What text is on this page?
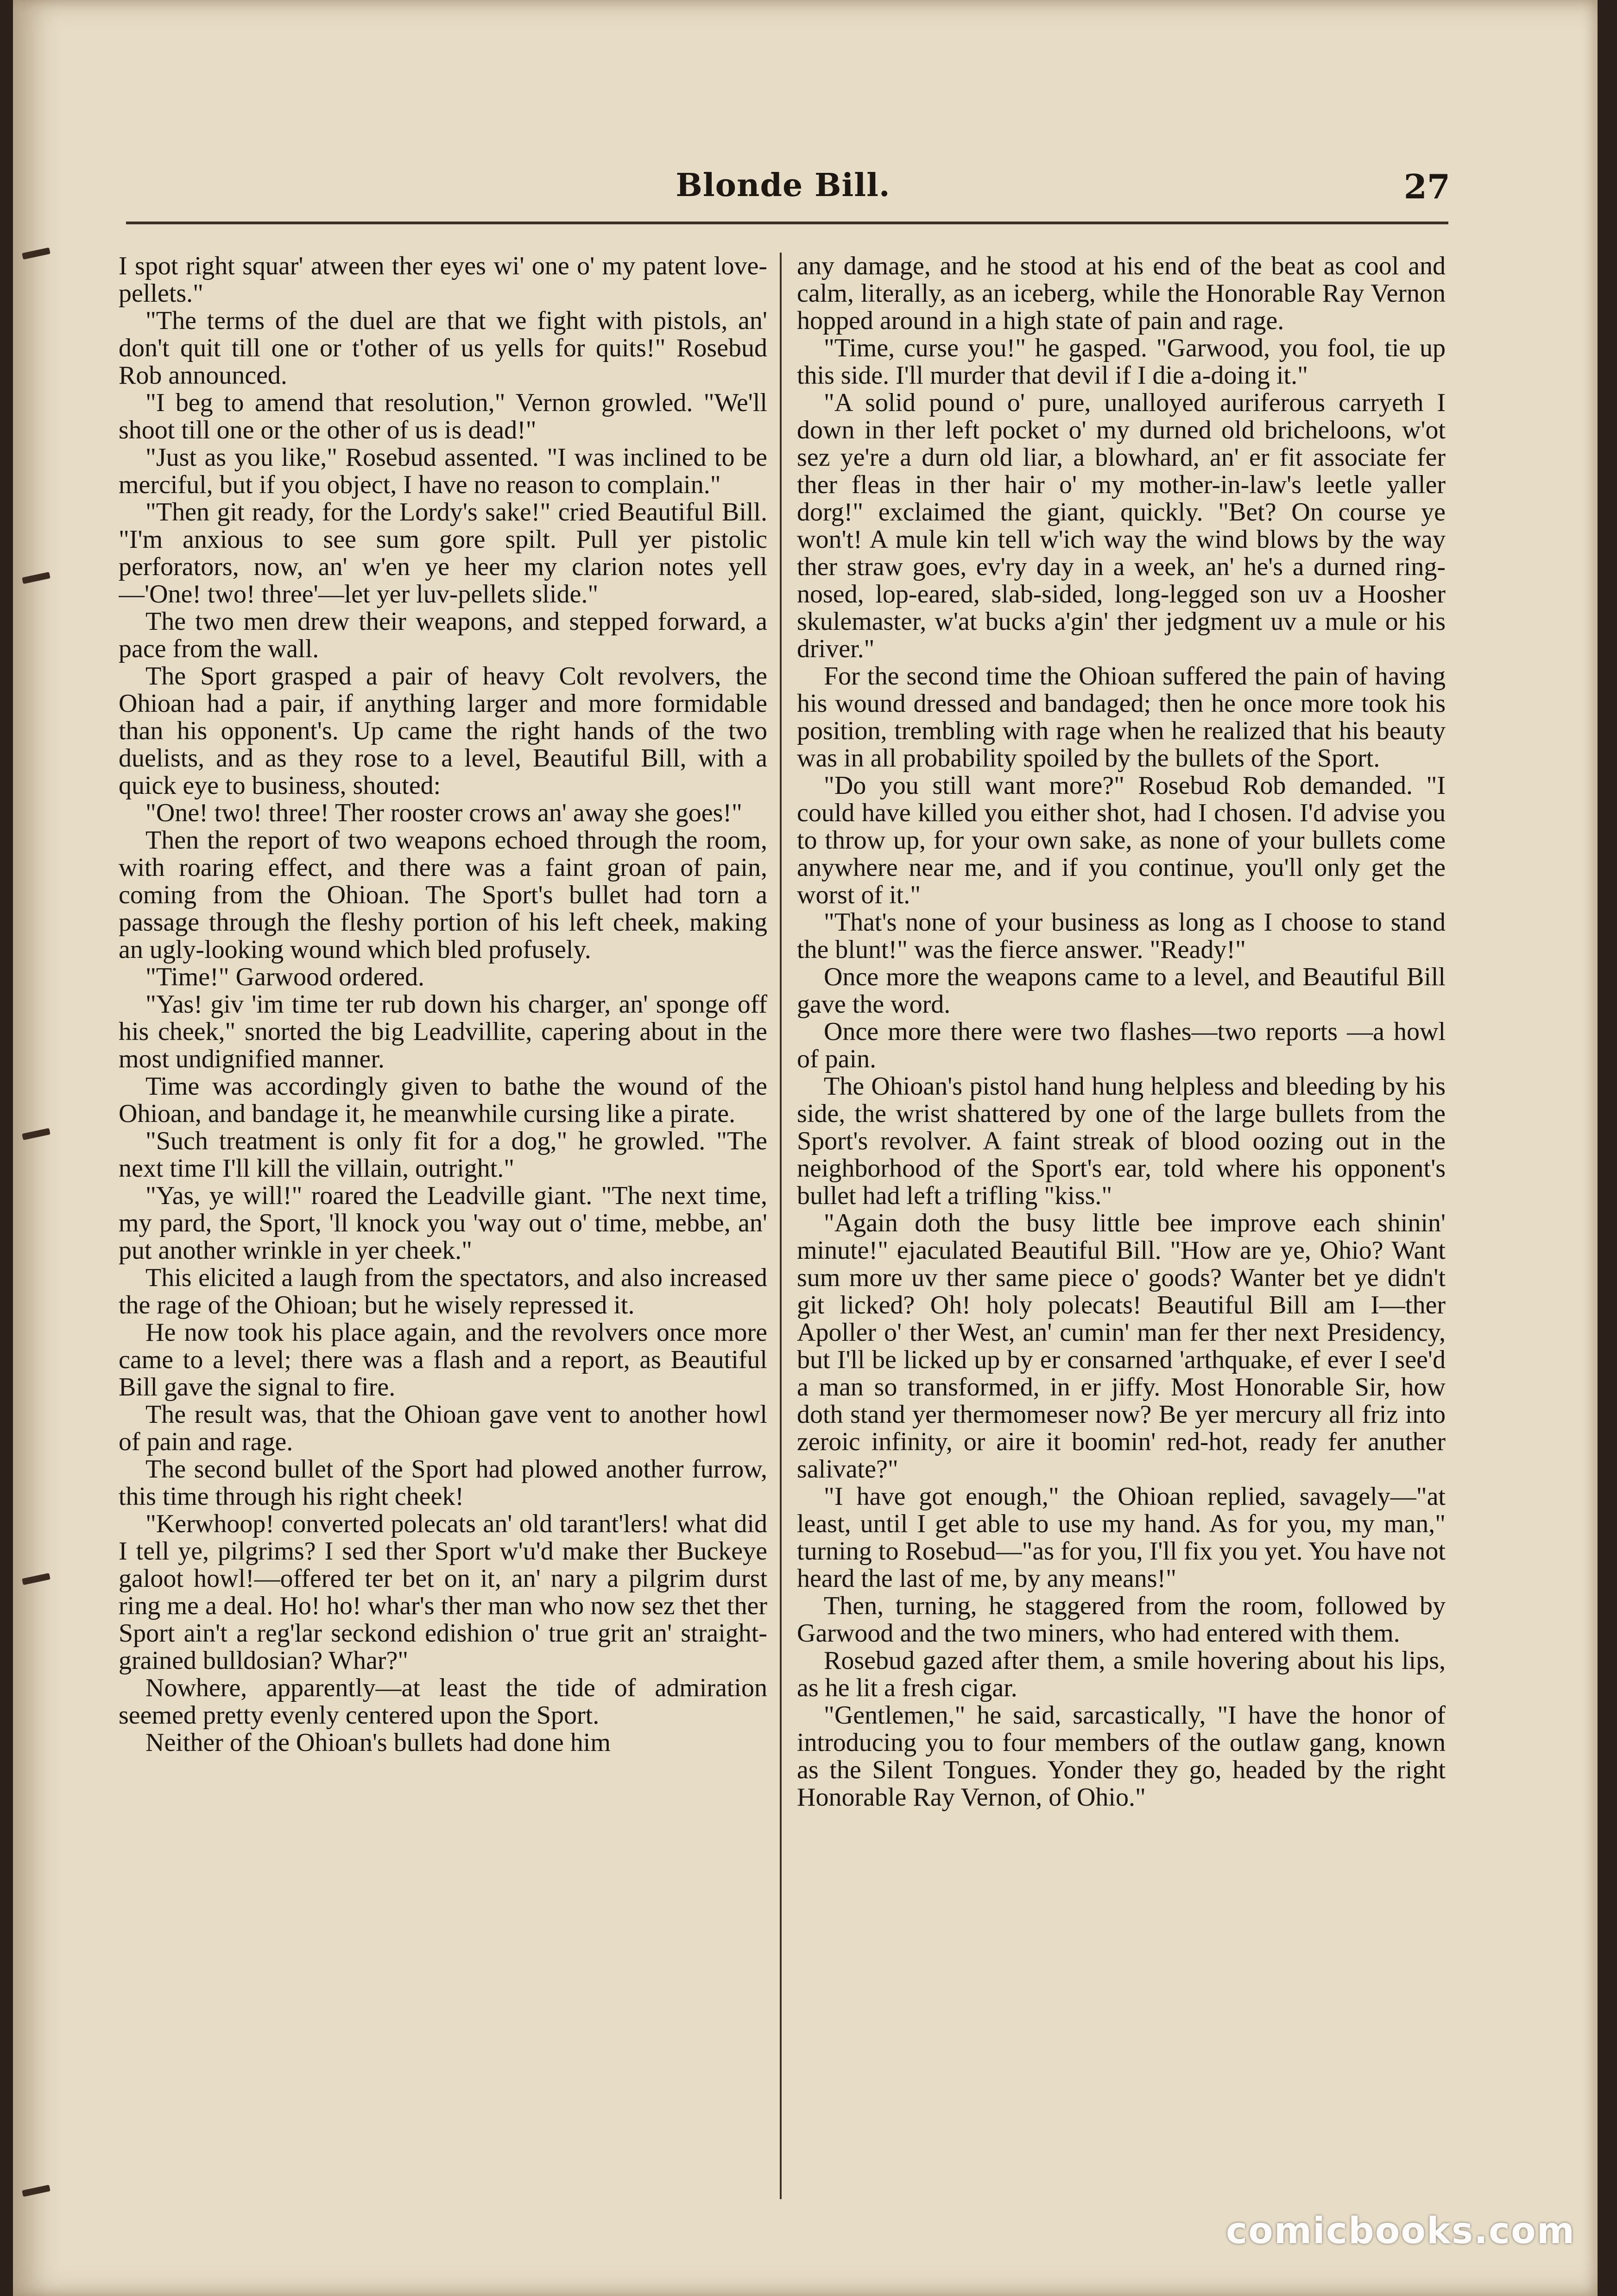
Blonde Bill.	27

I spot right squar' atween ther eyes wi' one o' my patent love-pellets."

"The terms of the duel are that we fight with pistols, an' don't quit till one or t'other of us yells for quits!" Rosebud Rob announced.

"I beg to amend that resolution," Vernon growled. "We'll shoot till one or the other of us is dead!"

"Just as you like," Rosebud assented. "I was inclined to be merciful, but if you object, I have no reason to complain."

"Then git ready, for the Lordy's sake!" cried Beautiful Bill. "I'm anxious to see sum gore spilt. Pull yer pistolic perforators, now, an' w'en ye heer my clarion notes yell—'One! two! three'—let yer luv-pellets slide."

The two men drew their weapons, and stepped forward, a pace from the wall.

The Sport grasped a pair of heavy Colt revolvers, the Ohioan had a pair, if anything larger and more formidable than his opponent's. Up came the right hands of the two duelists, and as they rose to a level, Beautiful Bill, with a quick eye to business, shouted:

"One! two! three! Ther rooster crows an' away she goes!"

Then the report of two weapons echoed through the room, with roaring effect, and there was a faint groan of pain, coming from the Ohioan. The Sport's bullet had torn a passage through the fleshy portion of his left cheek, making an ugly-looking wound which bled profusely.

"Time!" Garwood ordered.

"Yas! giv 'im time ter rub down his charger, an' sponge off his cheek," snorted the big Leadvillite, capering about in the most undignified manner.

Time was accordingly given to bathe the wound of the Ohioan, and bandage it, he meanwhile cursing like a pirate.

"Such treatment is only fit for a dog," he growled. "The next time I'll kill the villain, outright."

"Yas, ye will!" roared the Leadville giant. "The next time, my pard, the Sport, 'll knock you 'way out o' time, mebbe, an' put another wrinkle in yer cheek."

This elicited a laugh from the spectators, and also increased the rage of the Ohioan; but he wisely repressed it.

He now took his place again, and the revolvers once more came to a level; there was a flash and a report, as Beautiful Bill gave the signal to fire.

The result was, that the Ohioan gave vent to another howl of pain and rage.

The second bullet of the Sport had plowed another furrow, this time through his right cheek!

"Kerwhoop! converted polecats an' old tarant'lers! what did I tell ye, pilgrims? I sed ther Sport w'u'd make ther Buckeye galoot howl!—offered ter bet on it, an' nary a pilgrim durst ring me a deal. Ho! ho! whar's ther man who now sez thet ther Sport ain't a reg'lar seckond edishion o' true grit an' straight-grained bulldosian? Whar?"

Nowhere, apparently—at least the tide of admiration seemed pretty evenly centered upon the Sport.

Neither of the Ohioan's bullets had done him

any damage, and he stood at his end of the beat as cool and calm, literally, as an iceberg, while the Honorable Ray Vernon hopped around in a high state of pain and rage.

"Time, curse you!" he gasped. "Garwood, you fool, tie up this side. I'll murder that devil if I die a-doing it."

"A solid pound o' pure, unalloyed auriferous carryeth I down in ther left pocket o' my durned old bricheloons, w'ot sez ye're a durn old liar, a blowhard, an' er fit associate fer ther fleas in ther hair o' my mother-in-law's leetle yaller dorg!" exclaimed the giant, quickly. "Bet? On course ye won't! A mule kin tell w'ich way the wind blows by the way ther straw goes, ev'ry day in a week, an' he's a durned ring-nosed, lop-eared, slab-sided, long-legged son uv a Hoosher skulemaster, w'at bucks a'gin' ther jedgment uv a mule or his driver."

For the second time the Ohioan suffered the pain of having his wound dressed and bandaged; then he once more took his position, trembling with rage when he realized that his beauty was in all probability spoiled by the bullets of the Sport.

"Do you still want more?" Rosebud Rob demanded. "I could have killed you either shot, had I chosen. I'd advise you to throw up, for your own sake, as none of your bullets come anywhere near me, and if you continue, you'll only get the worst of it."

"That's none of your business as long as I choose to stand the blunt!" was the fierce answer. "Ready!"

Once more the weapons came to a level, and Beautiful Bill gave the word.

Once more there were two flashes—two reports —a howl of pain.

The Ohioan's pistol hand hung helpless and bleeding by his side, the wrist shattered by one of the large bullets from the Sport's revolver. A faint streak of blood oozing out in the neighborhood of the Sport's ear, told where his opponent's bullet had left a trifling "kiss."

"Again doth the busy little bee improve each shinin' minute!" ejaculated Beautiful Bill. "How are ye, Ohio? Want sum more uv ther same piece o' goods? Wanter bet ye didn't git licked? Oh! holy polecats! Beautiful Bill am I—ther Apoller o' ther West, an' cumin' man fer ther next Presidency, but I'll be licked up by er consarned 'arthquake, ef ever I see'd a man so transformed, in er jiffy. Most Honorable Sir, how doth stand yer thermomeser now? Be yer mercury all friz into zeroic infinity, or aire it boomin' red-hot, ready fer anuther salivate?"

"I have got enough," the Ohioan replied, savagely—"at least, until I get able to use my hand. As for you, my man," turning to Rosebud—"as for you, I'll fix you yet. You have not heard the last of me, by any means!"

Then, turning, he staggered from the room, followed by Garwood and the two miners, who had entered with them.

Rosebud gazed after them, a smile hovering about his lips, as he lit a fresh cigar.

"Gentlemen," he said, sarcastically, "I have the honor of introducing you to four members of the outlaw gang, known as the Silent Tongues. Yonder they go, headed by the right Honorable Ray Vernon, of Ohio."

comicbooks.com
